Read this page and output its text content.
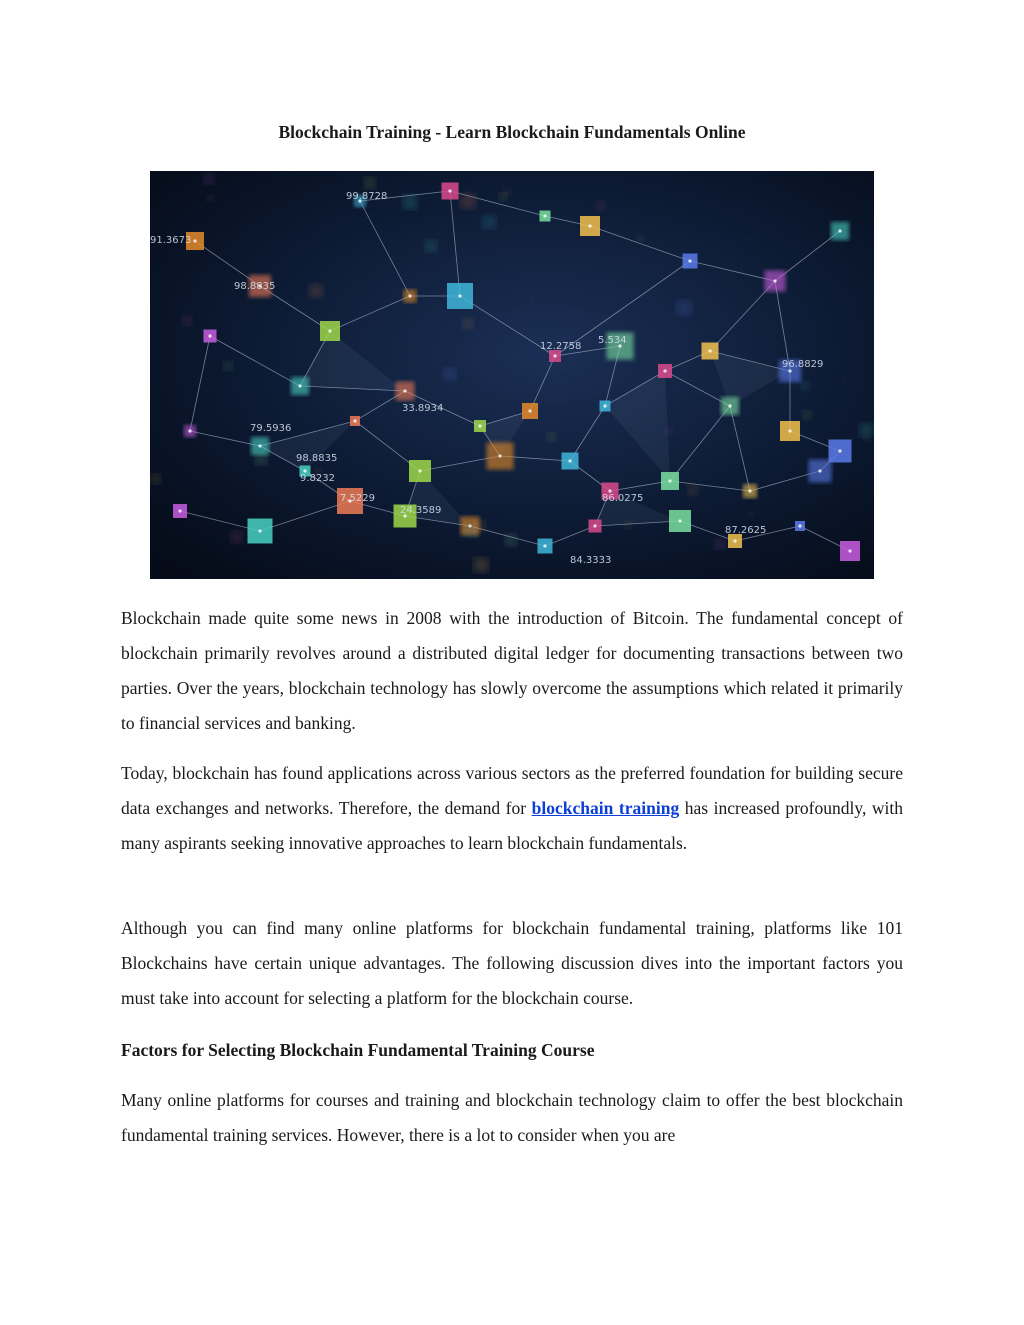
Blockchain Training - Learn Blockchain Fundamentals Online
99.8728
91.3673
98.8835
12.2758
5.534
96.8829
33.8934
79.5936
98.8835
9.8232
24.3589
86.0275
87.2625
7.5229
84.3333

Blockchain made quite some news in 2008 with the introduction of Bitcoin. The fundamental concept of blockchain primarily revolves around a distributed digital ledger for documenting transactions between two parties. Over the years, blockchain technology has slowly overcome the assumptions which related it primarily to financial services and banking.

Today, blockchain has found applications across various sectors as the preferred foundation for building secure data exchanges and networks. Therefore, the demand for blockchain training has increased profoundly, with many aspirants seeking innovative approaches to learn blockchain fundamentals.

Although you can find many online platforms for blockchain fundamental training, platforms like 101 Blockchains have certain unique advantages. The following discussion dives into the important factors you must take into account for selecting a platform for the blockchain course.

Factors for Selecting Blockchain Fundamental Training Course

Many online platforms for courses and training and blockchain technology claim to offer the best blockchain fundamental training services. However, there is a lot to consider when you are
